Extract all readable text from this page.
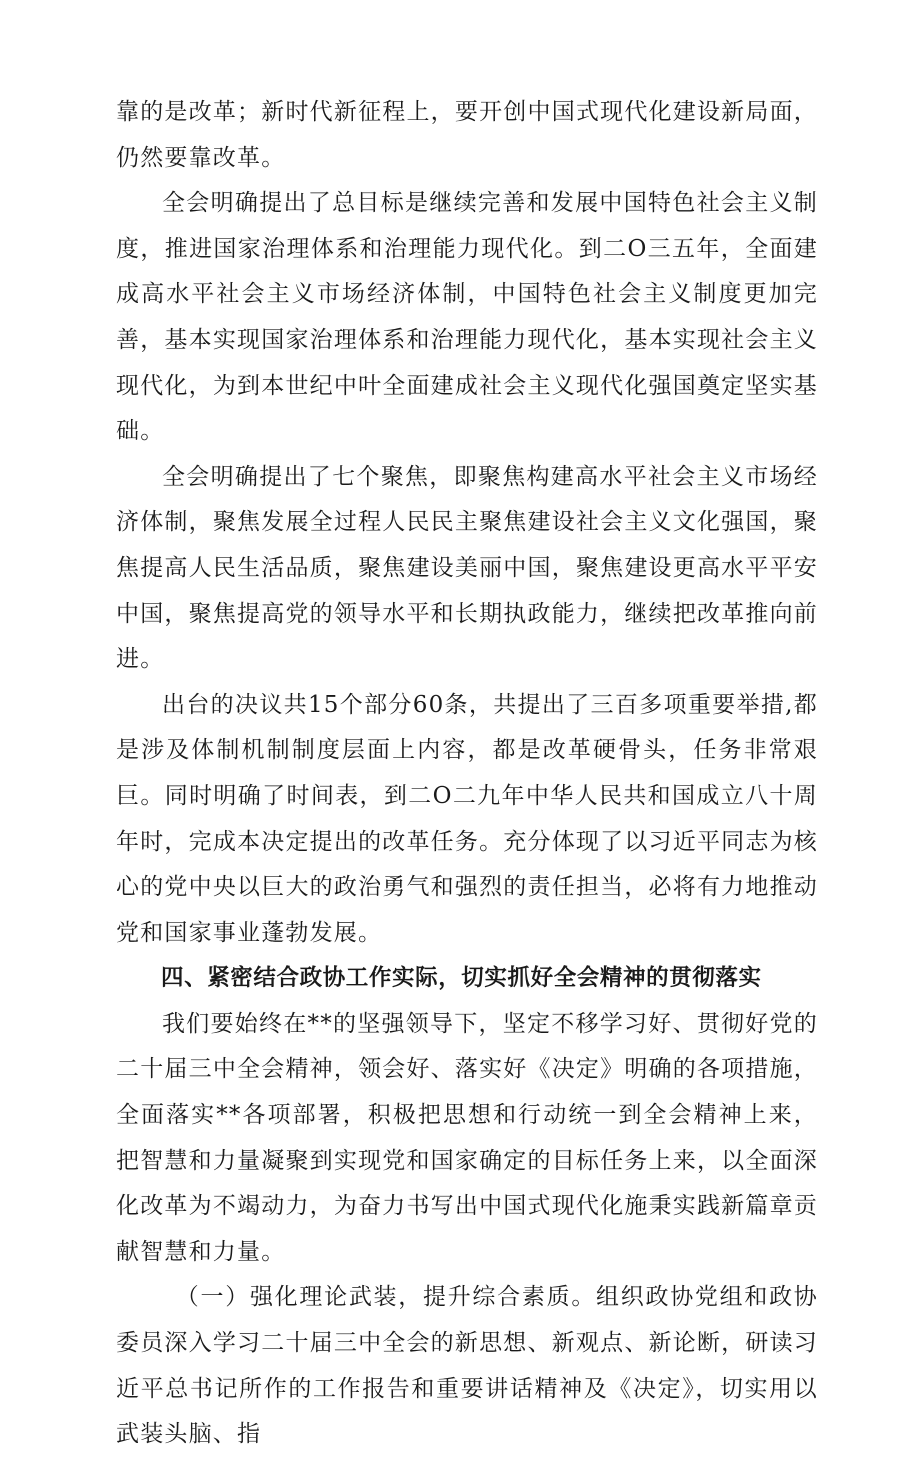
靠的是改革；新时代新征程上，要开创中国式现代化建设新局面，仍然要靠改革。

全会明确提出了总目标是继续完善和发展中国特色社会主义制度，推进国家治理体系和治理能力现代化。到二O三五年，全面建成高水平社会主义市场经济体制，中国特色社会主义制度更加完善，基本实现国家治理体系和治理能力现代化，基本实现社会主义现代化，为到本世纪中叶全面建成社会主义现代化强国奠定坚实基础。

全会明确提出了七个聚焦，即聚焦构建高水平社会主义市场经济体制，聚焦发展全过程人民民主聚焦建设社会主义文化强国，聚焦提高人民生活品质，聚焦建设美丽中国，聚焦建设更高水平平安中国，聚焦提高党的领导水平和长期执政能力，继续把改革推向前进。

出台的决议共15个部分60条，共提出了三百多项重要举措,都是涉及体制机制制度层面上内容，都是改革硬骨头，任务非常艰巨。同时明确了时间表，到二O二九年中华人民共和国成立八十周年时，完成本决定提出的改革任务。充分体现了以习近平同志为核心的党中央以巨大的政治勇气和强烈的责任担当，必将有力地推动党和国家事业蓬勃发展。

四、紧密结合政协工作实际，切实抓好全会精神的贯彻落实

我们要始终在**的坚强领导下，坚定不移学习好、贯彻好党的二十届三中全会精神，领会好、落实好《决定》明确的各项措施，全面落实**各项部署，积极把思想和行动统一到全会精神上来，把智慧和力量凝聚到实现党和国家确定的目标任务上来，以全面深化改革为不竭动力，为奋力书写出中国式现代化施秉实践新篇章贡献智慧和力量。

（一）强化理论武装，提升综合素质。组织政协党组和政协委员深入学习二十届三中全会的新思想、新观点、新论断，研读习近平总书记所作的工作报告和重要讲话精神及《决定》，切实用以武装头脑、指
